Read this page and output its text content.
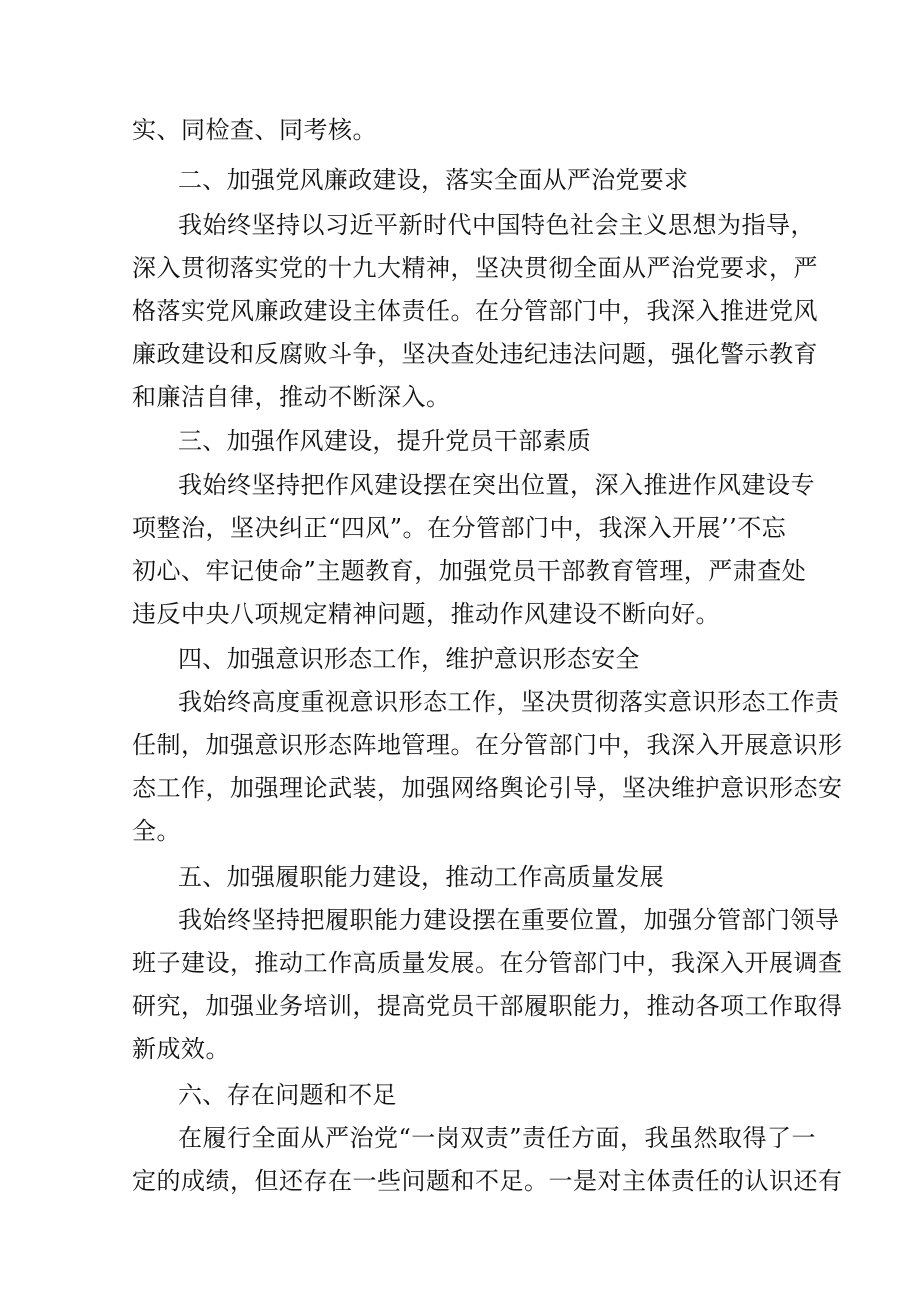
实、同检查、同考核。
二、加强党风廉政建设，落实全面从严治党要求
我始终坚持以习近平新时代中国特色社会主义思想为指导，
深入贯彻落实党的十九大精神，坚决贯彻全面从严治党要求，严
格落实党风廉政建设主体责任。在分管部门中，我深入推进党风
廉政建设和反腐败斗争，坚决查处违纪违法问题，强化警示教育
和廉洁自律，推动不断深入。
三、加强作风建设，提升党员干部素质
我始终坚持把作风建设摆在突出位置，深入推进作风建设专
项整治，坚决纠正“四风”。在分管部门中，我深入开展’’不忘
初心、牢记使命”主题教育，加强党员干部教育管理，严肃查处
违反中央八项规定精神问题，推动作风建设不断向好。
四、加强意识形态工作，维护意识形态安全
我始终高度重视意识形态工作，坚决贯彻落实意识形态工作责
任制，加强意识形态阵地管理。在分管部门中，我深入开展意识形
态工作，加强理论武装，加强网络舆论引导，坚决维护意识形态安
全。
五、加强履职能力建设，推动工作高质量发展
我始终坚持把履职能力建设摆在重要位置，加强分管部门领导
班子建设，推动工作高质量发展。在分管部门中，我深入开展调查
研究，加强业务培训，提高党员干部履职能力，推动各项工作取得
新成效。
六、存在问题和不足
在履行全面从严治党“一岗双责”责任方面，我虽然取得了一
定的成绩，但还存在一些问题和不足。一是对主体责任的认识还有
